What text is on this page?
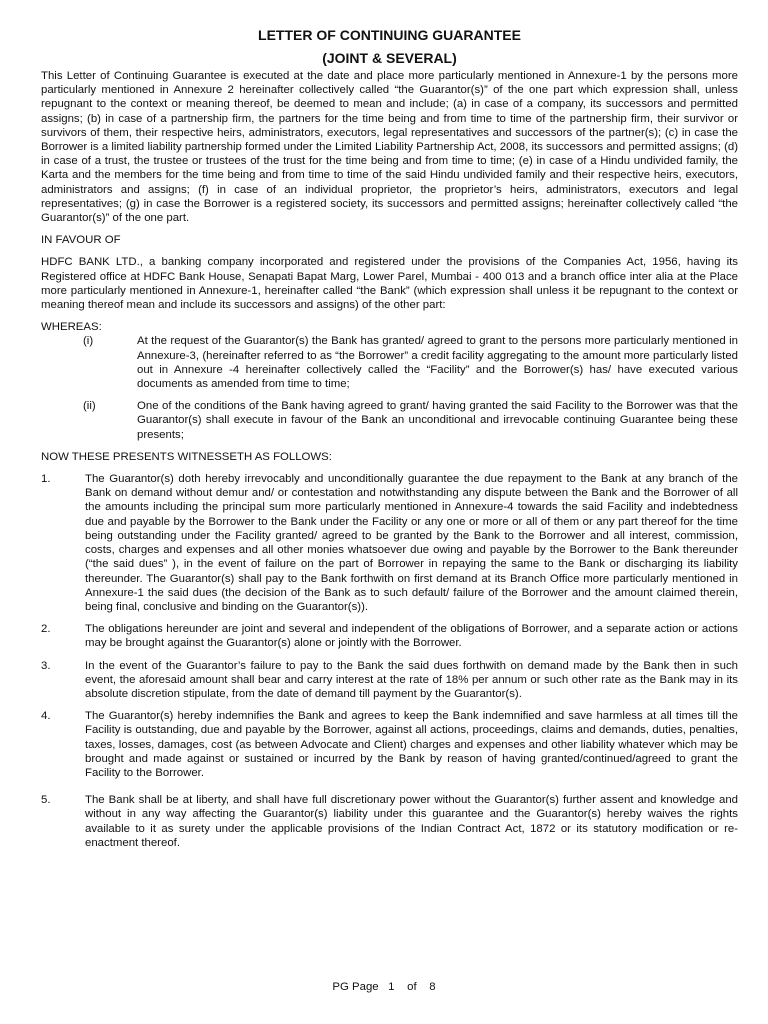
LETTER OF CONTINUING GUARANTEE
(JOINT & SEVERAL)

This Letter of Continuing Guarantee is executed at the date and place more particularly mentioned in Annexure-1 by the persons more particularly mentioned in Annexure 2 hereinafter collectively called “the Guarantor(s)” of the one part which expression shall, unless repugnant to the context or meaning thereof, be deemed to mean and include; (a) in case of a company, its successors and permitted assigns; (b) in case of a partnership firm, the partners for the time being and from time to time of the partnership firm, their survivor or survivors of them, their respective heirs, administrators, executors, legal representatives and successors of the partner(s); (c) in case the Borrower is a limited liability partnership formed under the Limited Liability Partnership Act, 2008, its successors and permitted assigns; (d) in case of a trust, the trustee or trustees of the trust for the time being and from time to time; (e) in case of a Hindu undivided family, the Karta and the members for the time being and from time to time of the said Hindu undivided family and their respective heirs, executors, administrators and assigns; (f) in case of an individual proprietor, the proprietor’s heirs, administrators, executors and legal representatives; (g) in case the Borrower is a registered society, its successors and permitted assigns; hereinafter collectively called “the Guarantor(s)” of the one part.

IN FAVOUR OF

HDFC BANK LTD., a banking company incorporated and registered under the provisions of the Companies Act, 1956, having its Registered office at HDFC Bank House, Senapati Bapat Marg, Lower Parel, Mumbai - 400 013 and a branch office inter alia at the Place more particularly mentioned in Annexure-1, hereinafter called “the Bank” (which expression shall unless it be repugnant to the context or meaning thereof mean and include its successors and assigns) of the other part:

WHEREAS:

(i)	At the request of the Guarantor(s) the Bank has granted/ agreed to grant to the persons more particularly mentioned in Annexure-3, (hereinafter referred to as “the Borrower” a credit facility aggregating to the amount more particularly listed out in Annexure -4 hereinafter collectively called the “Facility” and the Borrower(s) has/ have executed various documents as amended from time to time;
(ii)	One of the conditions of the Bank having agreed to grant/ having granted the said Facility to the Borrower was that the Guarantor(s) shall execute in favour of the Bank an unconditional and irrevocable continuing Guarantee being these presents;

NOW THESE PRESENTS WITNESSETH AS FOLLOWS:

1.	The Guarantor(s) doth hereby irrevocably and unconditionally guarantee the due repayment to the Bank at any branch of the Bank on demand without demur and/ or contestation and notwithstanding any dispute between the Bank and the Borrower of all the amounts including the principal sum more particularly mentioned in Annexure-4 towards the said Facility and indebtedness due and payable by the Borrower to the Bank under the Facility or any one or more or all of them or any part thereof for the time being outstanding under the Facility granted/ agreed to be granted by the Bank to the Borrower and all interest, commission, costs, charges and expenses and all other monies whatsoever due owing and payable by the Borrower to the Bank thereunder (“the said dues” ), in the event of failure on the part of Borrower in repaying the same to the Bank or discharging its liability thereunder. The Guarantor(s) shall pay to the Bank forthwith on first demand at its Branch Office more particularly mentioned in Annexure-1 the said dues (the decision of the Bank as to such default/ failure of the Borrower and the amount claimed therein, being final, conclusive and binding on the Guarantor(s)).
2.	The obligations hereunder are joint and several and independent of the obligations of Borrower, and a separate action or actions may be brought against the Guarantor(s) alone or jointly with the Borrower.
3.	In the event of the Guarantor’s failure to pay to the Bank the said dues forthwith on demand made by the Bank then in such event, the aforesaid amount shall bear and carry interest at the rate of 18% per annum or such other rate as the Bank may in its absolute discretion stipulate, from the date of demand till payment by the Guarantor(s).
4.	The Guarantor(s) hereby indemnifies the Bank and agrees to keep the Bank indemnified and save harmless at all times till the Facility is outstanding, due and payable by the Borrower, against all actions, proceedings, claims and demands, duties, penalties, taxes, losses, damages, cost (as between Advocate and Client) charges and expenses and other liability whatever which may be brought and made against or sustained or incurred by the Bank by reason of having granted/continued/agreed to grant the Facility to the Borrower.
5.	The Bank shall be at liberty, and shall have full discretionary power without the Guarantor(s) further assent and knowledge and without in any way affecting the Guarantor(s) liability under this guarantee and the Guarantor(s) hereby waives the rights available to it as surety under the applicable provisions of the Indian Contract Act, 1872 or its statutory modification or re-enactment thereof.
PG Page   1    of    8
